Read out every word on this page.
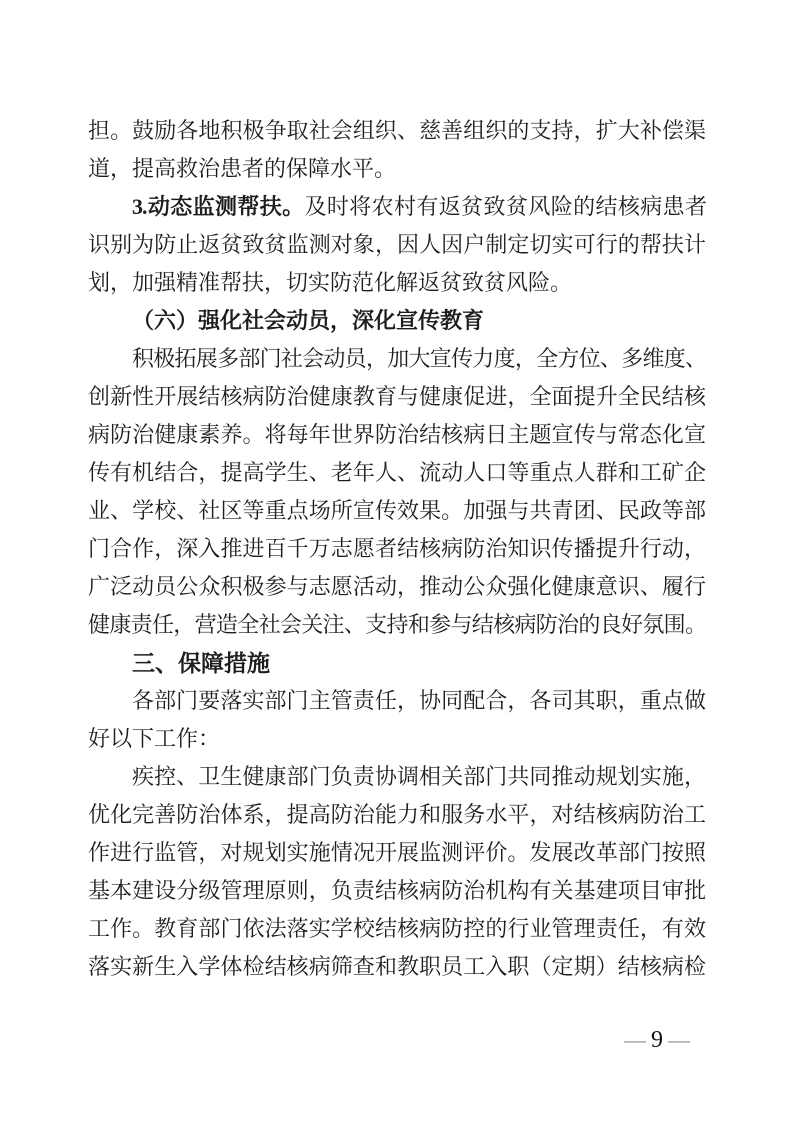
担。鼓励各地积极争取社会组织、慈善组织的支持，扩大补偿渠
道，提高救治患者的保障水平。
3.动态监测帮扶。及时将农村有返贫致贫风险的结核病患者
识别为防止返贫致贫监测对象，因人因户制定切实可行的帮扶计
划，加强精准帮扶，切实防范化解返贫致贫风险。
（六）强化社会动员，深化宣传教育
积极拓展多部门社会动员，加大宣传力度，全方位、多维度、
创新性开展结核病防治健康教育与健康促进，全面提升全民结核
病防治健康素养。将每年世界防治结核病日主题宣传与常态化宣
传有机结合，提高学生、老年人、流动人口等重点人群和工矿企
业、学校、社区等重点场所宣传效果。加强与共青团、民政等部
门合作，深入推进百千万志愿者结核病防治知识传播提升行动，
广泛动员公众积极参与志愿活动，推动公众强化健康意识、履行
健康责任，营造全社会关注、支持和参与结核病防治的良好氛围。
三、保障措施
各部门要落实部门主管责任，协同配合，各司其职，重点做
好以下工作：
疾控、卫生健康部门负责协调相关部门共同推动规划实施，
优化完善防治体系，提高防治能力和服务水平，对结核病防治工
作进行监管，对规划实施情况开展监测评价。发展改革部门按照
基本建设分级管理原则，负责结核病防治机构有关基建项目审批
工作。教育部门依法落实学校结核病防控的行业管理责任，有效
落实新生入学体检结核病筛查和教职员工入职（定期）结核病检
— 9 —
